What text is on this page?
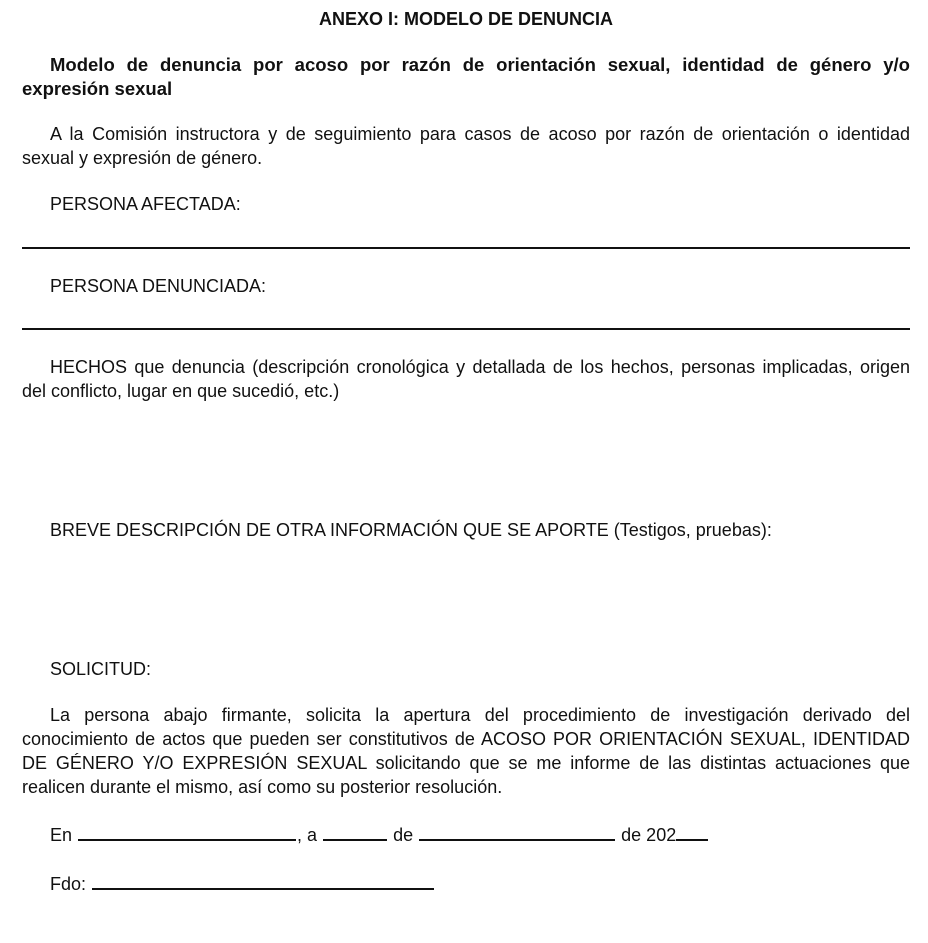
ANEXO I: MODELO DE DENUNCIA
Modelo de denuncia por acoso por razón de orientación sexual, identidad de género y/o expresión sexual
A la Comisión instructora y de seguimiento para casos de acoso por razón de orientación o identidad sexual y expresión de género.
PERSONA AFECTADA:
PERSONA DENUNCIADA:
HECHOS que denuncia (descripción cronológica y detallada de los hechos, personas implicadas, origen del conflicto, lugar en que sucedió, etc.)
BREVE DESCRIPCIÓN DE OTRA INFORMACIÓN QUE SE APORTE (Testigos, pruebas):
SOLICITUD:
La persona abajo firmante, solicita la apertura del procedimiento de investigación derivado del conocimiento de actos que pueden ser constitutivos de ACOSO POR ORIENTACIÓN SEXUAL, IDENTIDAD DE GÉNERO Y/O EXPRESIÓN SEXUAL solicitando que se me informe de las distintas actuaciones que realicen durante el mismo, así como su posterior resolución.
En	, a	de	de 202
Fdo:
